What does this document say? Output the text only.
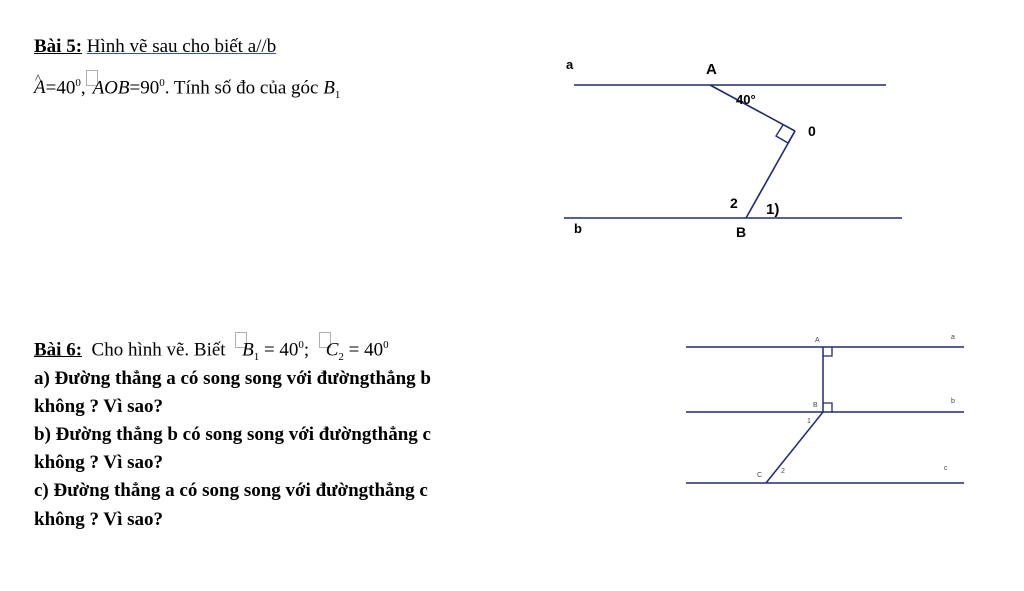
Bài 5: Hình vẽ sau cho biết a//b
^ $A=40^0$, $AOB=90^0$. Tính số đo của góc $B_1$
a
b
A
40°
0
2 1)
B
Bài 6: Cho hình vẽ. Biết $B_1 = 40^0$; $C_2 = 40^0$
a) Đường thẳng a có song song với đườngthẳng b
không ? Vì sao?
b) Đường thẳng b có song song với đườngthẳng c
không ? Vì sao?
c) Đường thẳng a có song song với đườngthẳng c
không ? Vì sao?
A
B
1
C
2
a
b
c
